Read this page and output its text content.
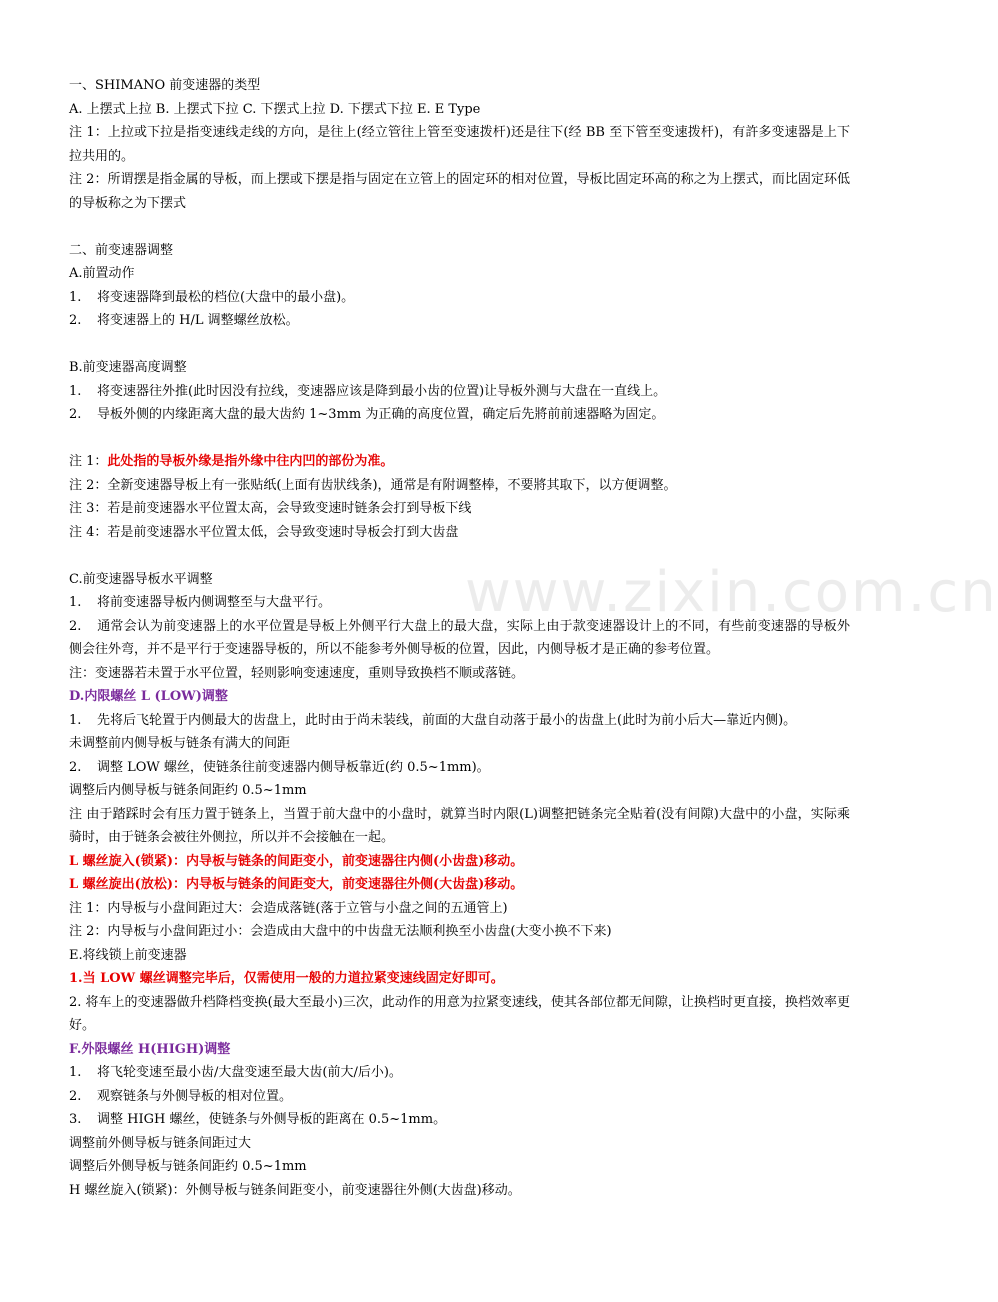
www.zixin.com.cn

一、SHIMANO 前变速器的类型

A. 上摆式上拉 B. 上摆式下拉 C. 下摆式上拉 D. 下摆式下拉 E. E Type

注 1：上拉或下拉是指变速线走线的方向，是往上(经立管往上管至变速拨杆)还是往下(经 BB 至下管至变速拨杆)，有許多变速器是上下拉共用的。

注 2：所谓摆是指金属的导板，而上摆或下摆是指与固定在立管上的固定环的相对位置，导板比固定环高的称之为上摆式，而比固定环低的导板称之为下摆式

二、前变速器调整

A.前置动作

1. 将变速器降到最松的档位(大盘中的最小盘)。

2. 将变速器上的 H/L 调整螺丝放松。

B.前变速器高度调整

1. 将变速器往外推(此时因没有拉线，变速器应该是降到最小齿的位置)让导板外测与大盘在一直线上。

2. 导板外侧的内缘距离大盘的最大齿約 1~3mm 为正确的高度位置，确定后先將前前速器略为固定。

注 1：此处指的导板外缘是指外缘中往内凹的部份为准。

注 2：全新变速器导板上有一张贴纸(上面有齿狀线条)，通常是有附调整棒，不要將其取下，以方便调整。

注 3：若是前变速器水平位置太高，会导致变速时链条会打到导板下线

注 4：若是前变速器水平位置太低，会导致变速时导板会打到大齿盘

C.前变速器导板水平调整

1. 将前变速器导板内侧调整至与大盘平行。

2. 通常会认为前变速器上的水平位置是导板上外侧平行大盘上的最大盘，实际上由于款变速器设计上的不同，有些前变速器的导板外侧会往外弯，并不是平行于变速器导板的，所以不能参考外侧导板的位置，因此，内侧导板才是正确的参考位置。

注：变速器若未置于水平位置，轻则影响变速速度，重则导致换档不顺或落链。

D.内限螺丝 L (LOW)调整

1. 先将后飞轮置于内侧最大的齿盘上，此时由于尚未装线，前面的大盘自动落于最小的齿盘上(此时为前小后大—靠近内侧)。

未调整前内侧导板与链条有满大的间距

2. 调整 LOW 螺丝，使链条往前变速器内侧导板靠近(约 0.5~1mm)。

调整后内侧导板与链条间距约 0.5~1mm

注 由于踏踩时会有压力置于链条上，当置于前大盘中的小盘时，就算当时内限(L)调整把链条完全贴着(没有间隙)大盘中的小盘，实际乘骑时，由于链条会被往外侧拉，所以并不会接触在一起。

L 螺丝旋入(锁紧)：内导板与链条的间距变小，前变速器往内侧(小齿盘)移动。

L 螺丝旋出(放松)：内导板与链条的间距变大，前变速器往外侧(大齿盘)移动。

注 1：内导板与小盘间距过大：会造成落链(落于立管与小盘之间的五通管上)

注 2：内导板与小盘间距过小：会造成由大盘中的中齿盘无法顺利换至小齿盘(大变小换不下来)

E.将线锁上前变速器

1.当 LOW 螺丝调整完毕后，仅需使用一般的力道拉紧变速线固定好即可。

2. 将车上的变速器做升档降档变换(最大至最小)三次，此动作的用意为拉紧变速线，使其各部位都无间隙，让换档时更直接，换档效率更好。

F.外限螺丝 H(HIGH)调整

1. 将飞轮变速至最小齿/大盘变速至最大齿(前大/后小)。

2. 观察链条与外侧导板的相对位置。

3. 调整 HIGH 螺丝，使链条与外侧导板的距离在 0.5~1mm。

调整前外侧导板与链条间距过大

调整后外侧导板与链条间距约 0.5~1mm

H 螺丝旋入(锁紧)：外侧导板与链条间距变小，前变速器往外侧(大齿盘)移动。
